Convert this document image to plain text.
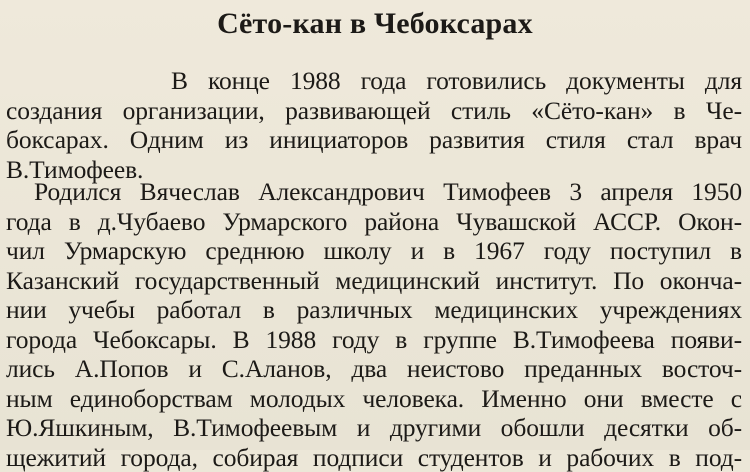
Сёто-кан в Чебоксарах
В конце 1988 года готовились документы для
создания организации, развивающей стиль «Сёто-кан» в Че-
боксарах. Одним из инициаторов развития стиля стал врач
В.Тимофеев.
Родился Вячеслав Александрович Тимофеев 3 апреля 1950
года в д.Чубаево Урмарского района Чувашской АССР. Окон-
чил Урмарскую среднюю школу и в 1967 году поступил в
Казанский государственный медицинский институт. По оконча-
нии учебы работал в различных медицинских учреждениях
города Чебоксары. В 1988 году в группе В.Тимофеева появи-
лись А.Попов и С.Аланов, два неистово преданных восточ-
ным единоборствам молодых человека. Именно они вместе с
Ю.Яшкиным, В.Тимофеевым и другими обошли десятки об-
щежитий города, собирая подписи студентов и рабочих в под-
